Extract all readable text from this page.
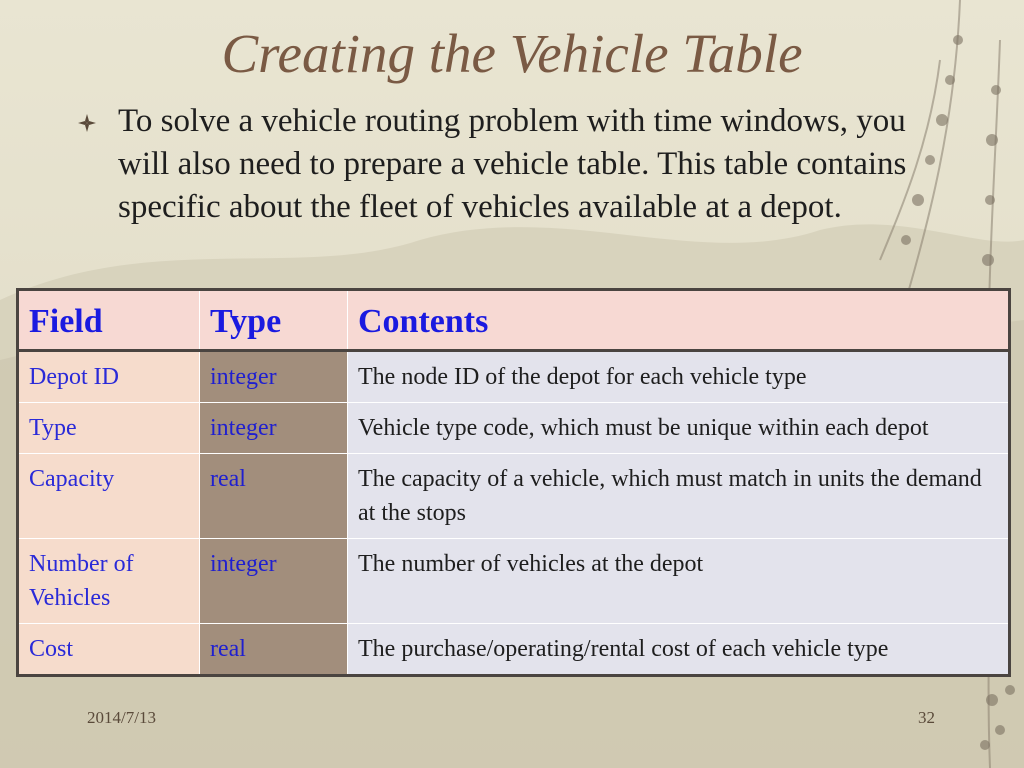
Creating the Vehicle Table
To solve a vehicle routing problem with time windows, you will also need to prepare a vehicle table. This table contains specific about the fleet of vehicles available at a depot.
Field	Type	Contents
Depot ID	integer	The node ID of the depot for each vehicle type
Type	integer	Vehicle type code, which must be unique within each depot
Capacity	real	The capacity of a vehicle, which must match in units the demand at the stops
Number of Vehicles	integer	The number of vehicles at the depot
Cost	real	The purchase/operating/rental cost of each vehicle type
2014/7/13	32
